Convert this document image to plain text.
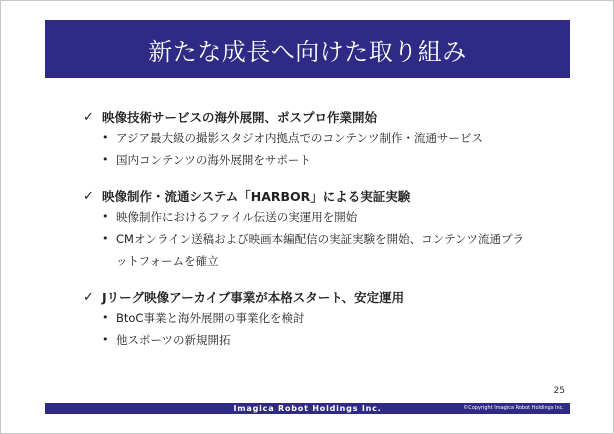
新たな成長へ向けた取り組み
✓ 映像技術サービスの海外展開、ポスプロ作業開始
• アジア最大級の撮影スタジオ内拠点でのコンテンツ制作・流通サービス
• 国内コンテンツの海外展開をサポート
✓ 映像制作・流通システム「HARBOR」による実証実験
• 映像制作におけるファイル伝送の実運用を開始
• CMオンライン送稿および映画本編配信の実証実験を開始、コンテンツ流通プラットフォームを確立
✓ Jリーグ映像アーカイブ事業が本格スタート、安定運用
• BtoC事業と海外展開の事業化を検討
• 他スポーツの新規開拓
25
Imagica Robot Holdings Inc.	©Copyright Imagica Robot Holdings Inc.
